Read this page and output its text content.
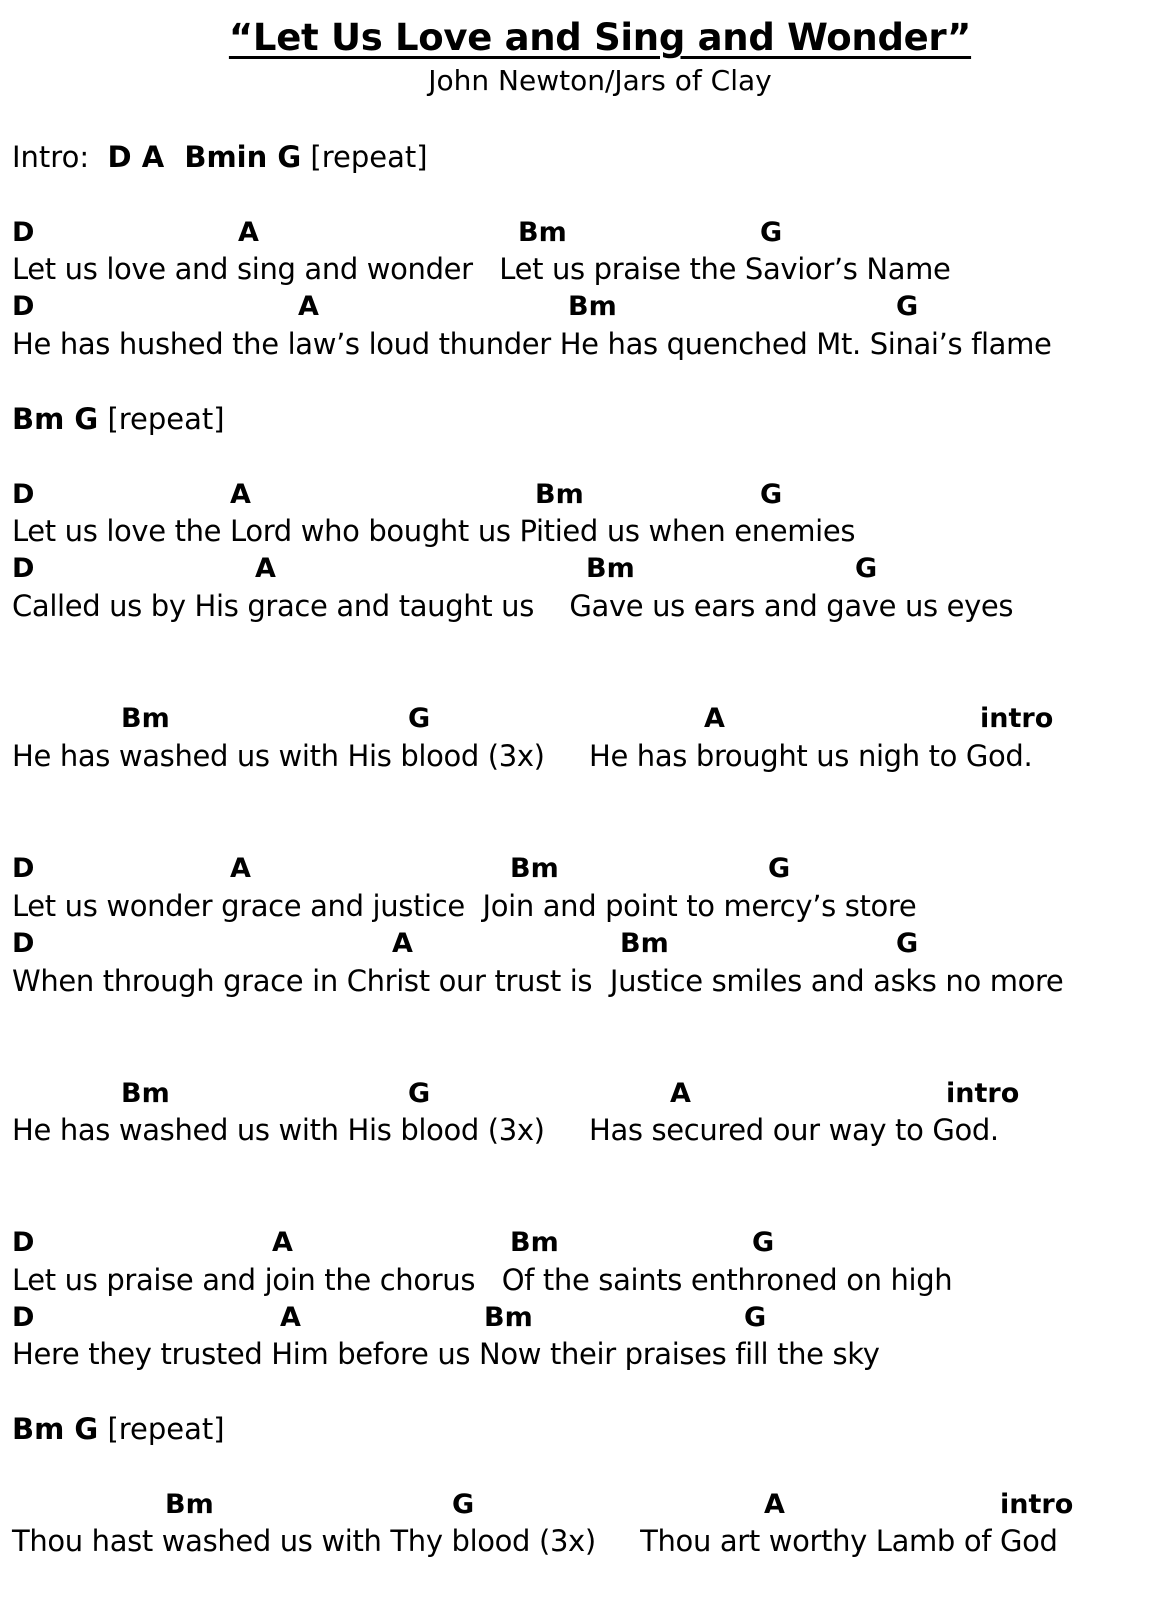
“Let Us Love and Sing and Wonder”
John Newton/Jars of Clay
Intro: D A  Bmin G [repeat]
D	A	Bm	G
Let us love and sing and wonder   Let us praise the Savior’s Name
D	A	Bm	G
He has hushed the law’s loud thunder He has quenched Mt. Sinai’s flame
Bm G [repeat]
D	A	Bm	G
Let us love the Lord who bought us Pitied us when enemies
D	A	Bm	G
Called us by His grace and taught us    Gave us ears and gave us eyes
Bm	G	A	intro
He has washed us with His blood (3x)     He has brought us nigh to God.
D	A	Bm	G
Let us wonder grace and justice  Join and point to mercy’s store
D	A	Bm	G
When through grace in Christ our trust is  Justice smiles and asks no more
Bm	G	A	intro
He has washed us with His blood (3x)     Has secured our way to God.
D	A	Bm	G
Let us praise and join the chorus   Of the saints enthroned on high
D	A	Bm	G
Here they trusted Him before us Now their praises fill the sky
Bm G [repeat]
Bm	G	A	intro
Thou hast washed us with Thy blood (3x)     Thou art worthy Lamb of God
